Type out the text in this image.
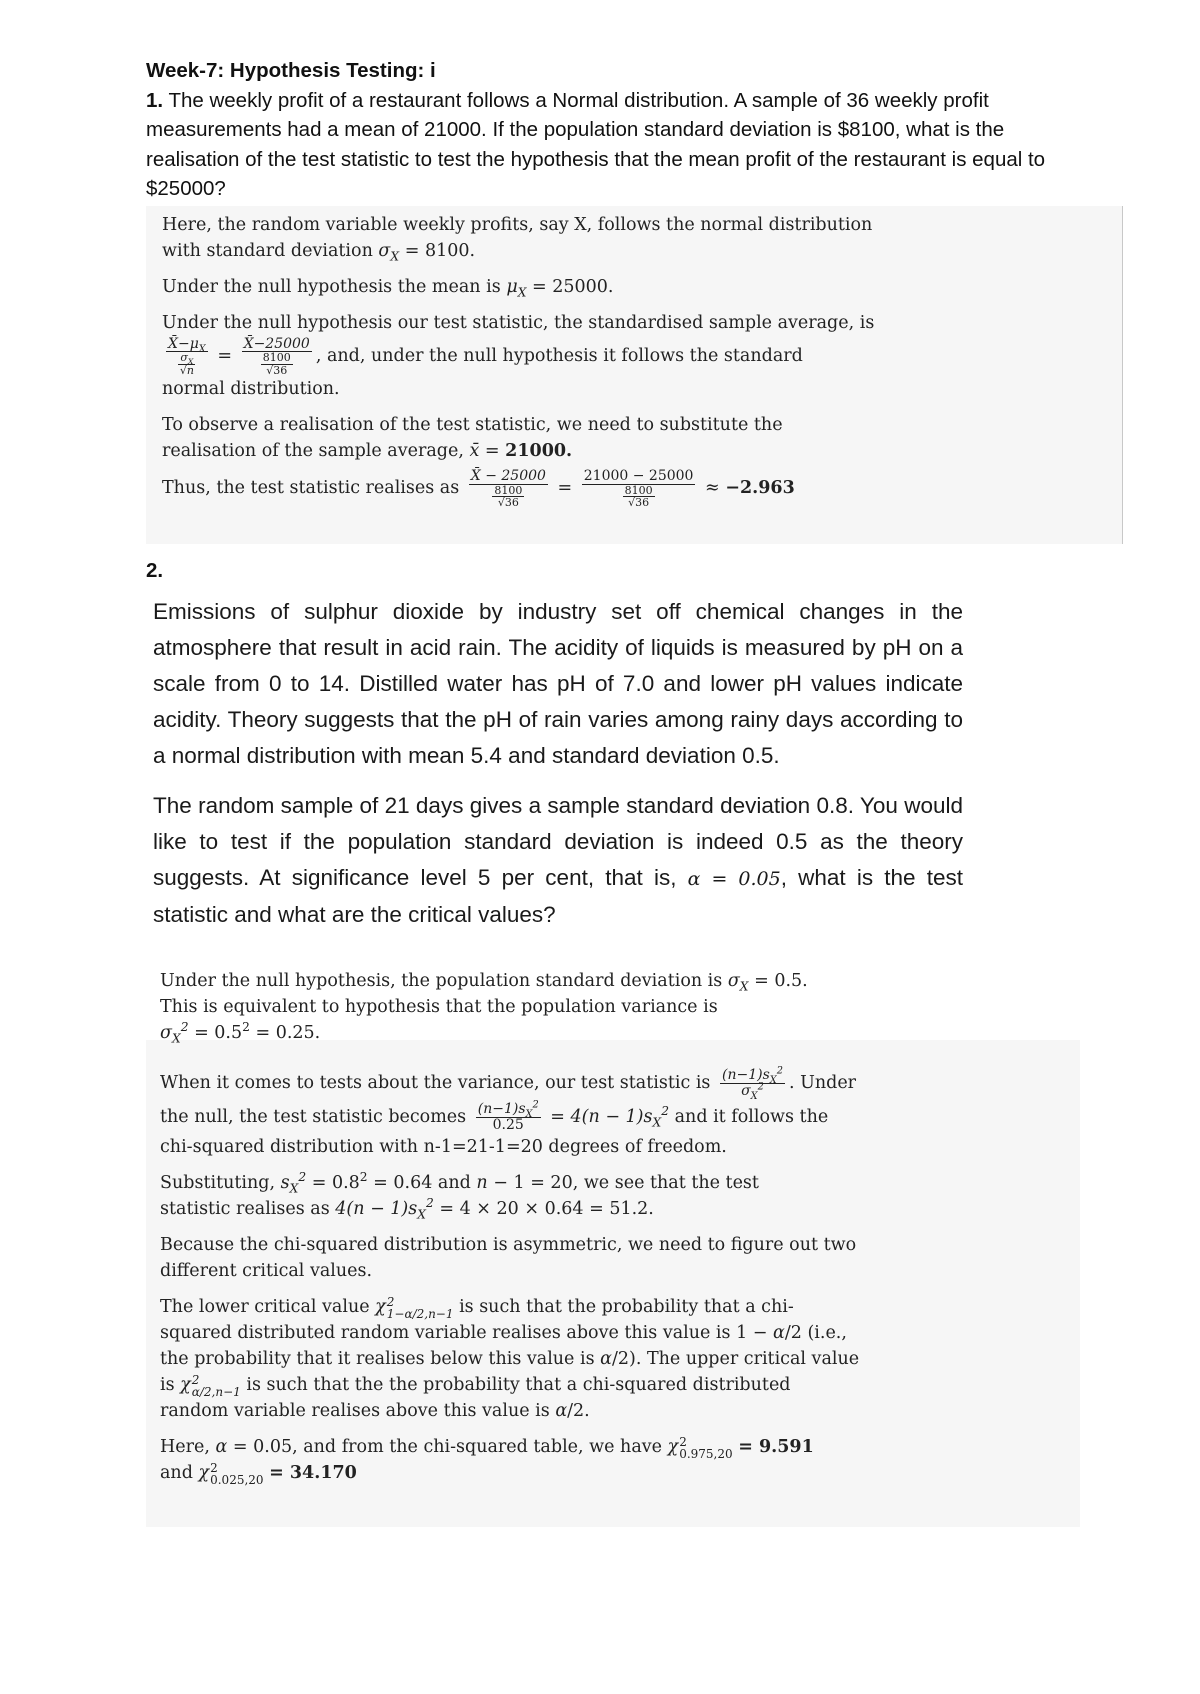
Week-7: Hypothesis Testing: i
1. The weekly profit of a restaurant follows a Normal distribution. A sample of 36 weekly profit measurements had a mean of 21000. If the population standard deviation is $8100, what is the realisation of the test statistic to test the hypothesis that the mean profit of the restaurant is equal to $25000?

Here, the random variable weekly profits, say X, follows the normal distribution

with standard deviation $\sigma_X = 8100$.

Under the null hypothesis the mean is $\mu_X = 25000$.

Under the null hypothesis our test statistic, the standardised sample average, is

$\frac{X̄-\mu_X}{\frac{\sigma_X}{√n}} = \frac{X̄-25000}{\frac{8100}{√36}}$ , and, under the null hypothesis it follows the standard

normal distribution.

To observe a realisation of the test statistic, we need to substitute the

realisation of the sample average, x̄ = 21000.

Thus, the test statistic realises as $\frac{X̄ - 25000}{\frac{8100}{√36}} = \frac{21000 - 25000}{\frac{8100}{√36}} \approx -2.963$

2.

Emissions of sulphur dioxide by industry set off chemical changes in the atmosphere that result in acid rain. The acidity of liquids is measured by pH on a scale from 0 to 14. Distilled water has pH of 7.0 and lower pH values indicate acidity. Theory suggests that the pH of rain varies among rainy days according to a normal distribution with mean 5.4 and standard deviation 0.5.

The random sample of 21 days gives a sample standard deviation 0.8. You would like to test if the population standard deviation is indeed 0.5 as the theory suggests. At significance level 5 per cent, that is, α = 0.05, what is the test statistic and what are the critical values?

Under the null hypothesis, the population standard deviation is $\sigma_X = 0.5$.

This is equivalent to hypothesis that the population variance is

$\sigma_X^2 = 0.5^2 = 0.25$.

When it comes to tests about the variance, our test statistic is $\frac{(n-1)s_X^2}{\sigma_X^2}$ . Under

the null, the test statistic becomes $\frac{(n-1)s_X^2}{0.25} = 4(n - 1)s_X^2$ and it follows the

chi-squared distribution with n-1=21-1=20 degrees of freedom.

Substituting, $s_X^2 = 0.8^2 = 0.64$ and n − 1 = 20, we see that the test

statistic realises as $4(n - 1)s_X^2 = 4 \times 20 \times 0.64 = 51.2$.

Because the chi-squared distribution is asymmetric, we need to figure out two

different critical values.

The lower critical value χ 2
1−α/2,n−1 is such that the probability that a chi-

squared distributed random variable realises above this value is 1 − α/2 (i.e.,

the probability that it realises below this value is α/2). The upper critical value

is χ 2
α/2,n−1 is such that the the probability that a chi-squared distributed

random variable realises above this value is α/2.

Here, α = 0.05, and from the chi-squared table, we have χ 2
0.975,20 = 9.591

and χ 2
0.025,20 = 34.170
